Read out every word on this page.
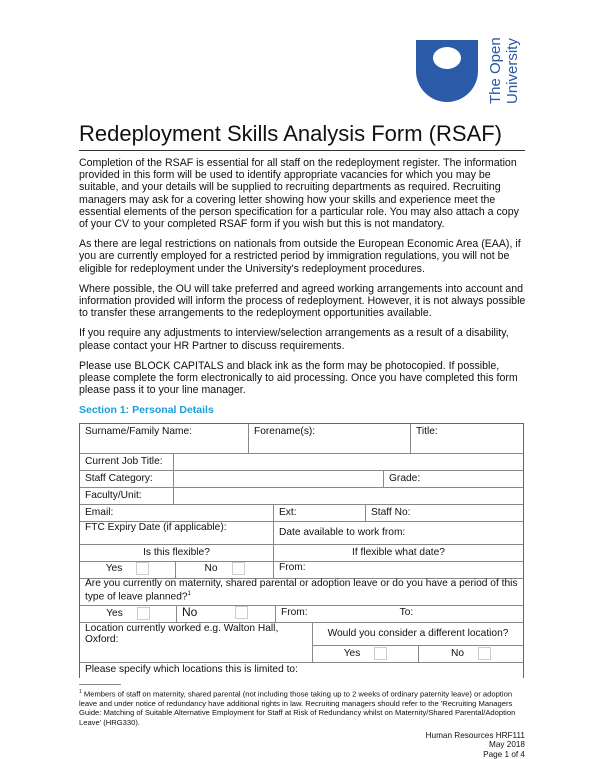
The Open University
Redeployment Skills Analysis Form (RSAF)

Completion of the RSAF is essential for all staff on the redeployment register. The information provided in this form will be used to identify appropriate vacancies for which you may be suitable, and your details will be supplied to recruiting departments as required. Recruiting managers may ask for a covering letter showing how your skills and experience meet the essential elements of the person specification for a particular role. You may also attach a copy of your CV to your completed RSAF form if you wish but this is not mandatory.

As there are legal restrictions on nationals from outside the European Economic Area (EAA), if you are currently employed for a restricted period by immigration regulations, you will not be eligible for redeployment under the University's redeployment procedures.

Where possible, the OU will take preferred and agreed working arrangements into account and information provided will inform the process of redeployment. However, it is not always possible to transfer these arrangements to the redeployment opportunities available.

If you require any adjustments to interview/selection arrangements as a result of a disability, please contact your HR Partner to discuss requirements.

Please use BLOCK CAPITALS and black ink as the form may be photocopied. If possible, please complete the form electronically to aid processing. Once you have completed this form please pass it to your line manager.

Section 1: Personal Details
Surname/Family Name:	Forename(s):	Title:
Current Job Title:
Staff Category:	Grade:
Faculty/Unit:
Email:	Ext:	Staff No:
FTC Expiry Date (if applicable):	Date available to work from:
Is this flexible?	If flexible what date?
Yes	No	From:
Are you currently on maternity, shared parental or adoption leave or do you have a period of this type of leave planned?$^1$
Yes	No	From:	To:
Location currently worked e.g. Walton Hall, Oxford:
Would you consider a different location?
Yes	No
Please specify which locations this is limited to:
$^1$ Members of staff on maternity, shared parental (not including those taking up to 2 weeks of ordinary paternity leave) or adoption leave and under notice of redundancy have additional rights in law. Recruiting managers should refer to the 'Recruiting Managers Guide: Matching of Suitable Alternative Employment for Staff at Risk of Redundancy whilst on Maternity/Shared Parental/Adoption Leave' (HRG330).
Human Resources HRF111
May 2018
Page 1 of 4
